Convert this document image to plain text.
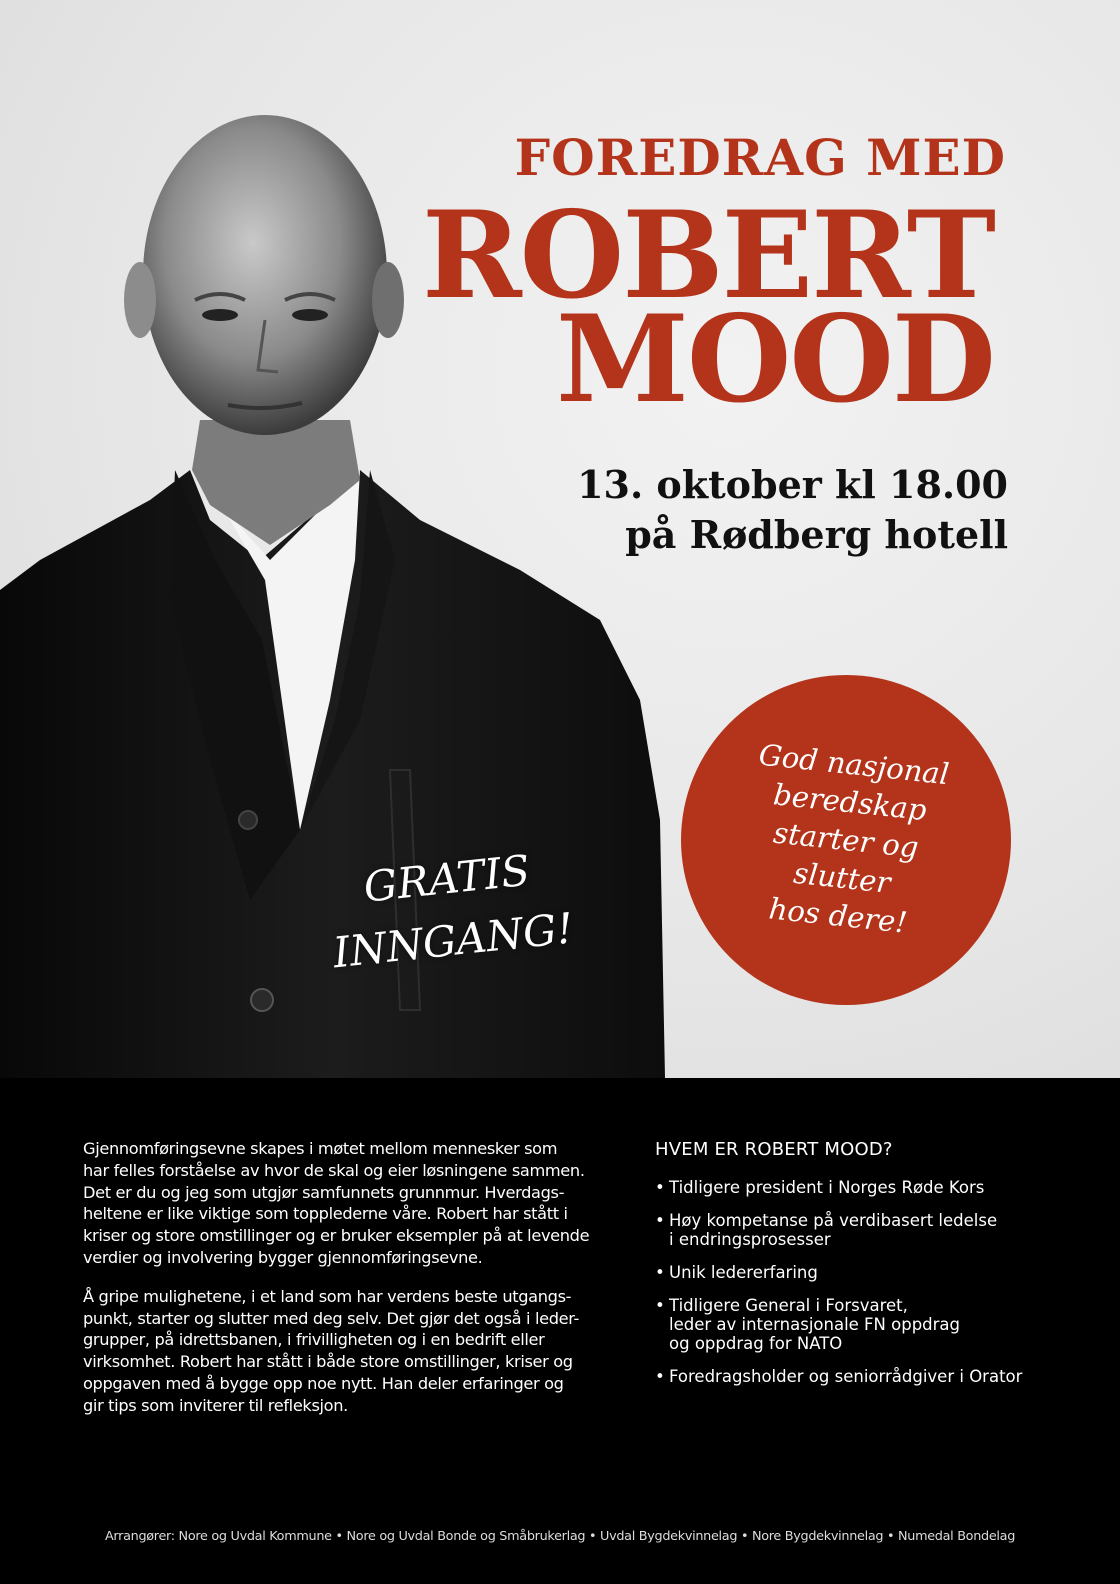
FOREDRAG MED
ROBERT
MOOD

13. oktober kl 18.00

på Rødberg hotell

God nasjonal
beredskap
starter og slutter
hos dere!
GRATIS
INNGANG!

Gjennomføringsevne skapes i møtet mellom mennesker som
har felles forståelse av hvor de skal og eier løsningene sammen.
Det er du og jeg som utgjør samfunnets grunnmur. Hverdags-
heltene er like viktige som topplederne våre. Robert har stått i
kriser og store omstillinger og er bruker eksempler på at levende
verdier og involvering bygger gjennomføringsevne.

Å gripe mulighetene, i et land som har verdens beste utgangs-
punkt, starter og slutter med deg selv. Det gjør det også i leder-
grupper, på idrettsbanen, i frivilligheten og i en bedrift eller
virksomhet. Robert har stått i både store omstillinger, kriser og
oppgaven med å bygge opp noe nytt. Han deler erfaringer og
gir tips som inviterer til refleksjon.

HVEM ER ROBERT MOOD?
• Tidligere president i Norges Røde Kors
• Høy kompetanse på verdibasert ledelse
i endringsprosesser
• Unik ledererfaring
• Tidligere General i Forsvaret,
leder av internasjonale FN oppdrag
og oppdrag for NATO
• Foredragsholder og seniorrådgiver i Orator

Arrangører: Nore og Uvdal Kommune • Nore og Uvdal Bonde og Småbrukerlag • Uvdal Bygdekvinnelag • Nore Bygdekvinnelag • Numedal Bondelag
